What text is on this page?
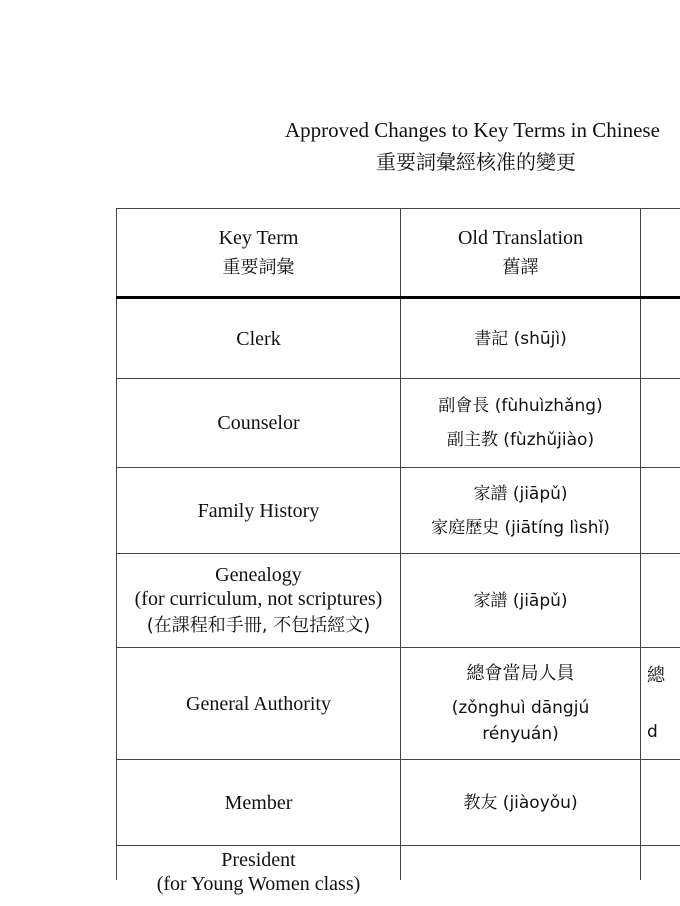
Approved Changes to Key Terms in Chinese
重要詞彙經核准的變更
Key Term
重要詞彙
Old Translation
舊譯
Clerk	書記 (shūjì)
Counselor
副會長 (fùhuìzhǎng)
副主教 (fùzhǔjiào)
Family History
家譜 (jiāpǔ)
家庭歷史 (jiātíng lìshǐ)
Genealogy
(for curriculum, not scriptures)
(在課程和手冊, 不包括經文)
家譜 (jiāpǔ)
General Authority
總會當局人員
(zǒnghuì dāngjú
rényuán)
總
d
Member	教友 (jiàoyǒu)
President
(for Young Women class)
